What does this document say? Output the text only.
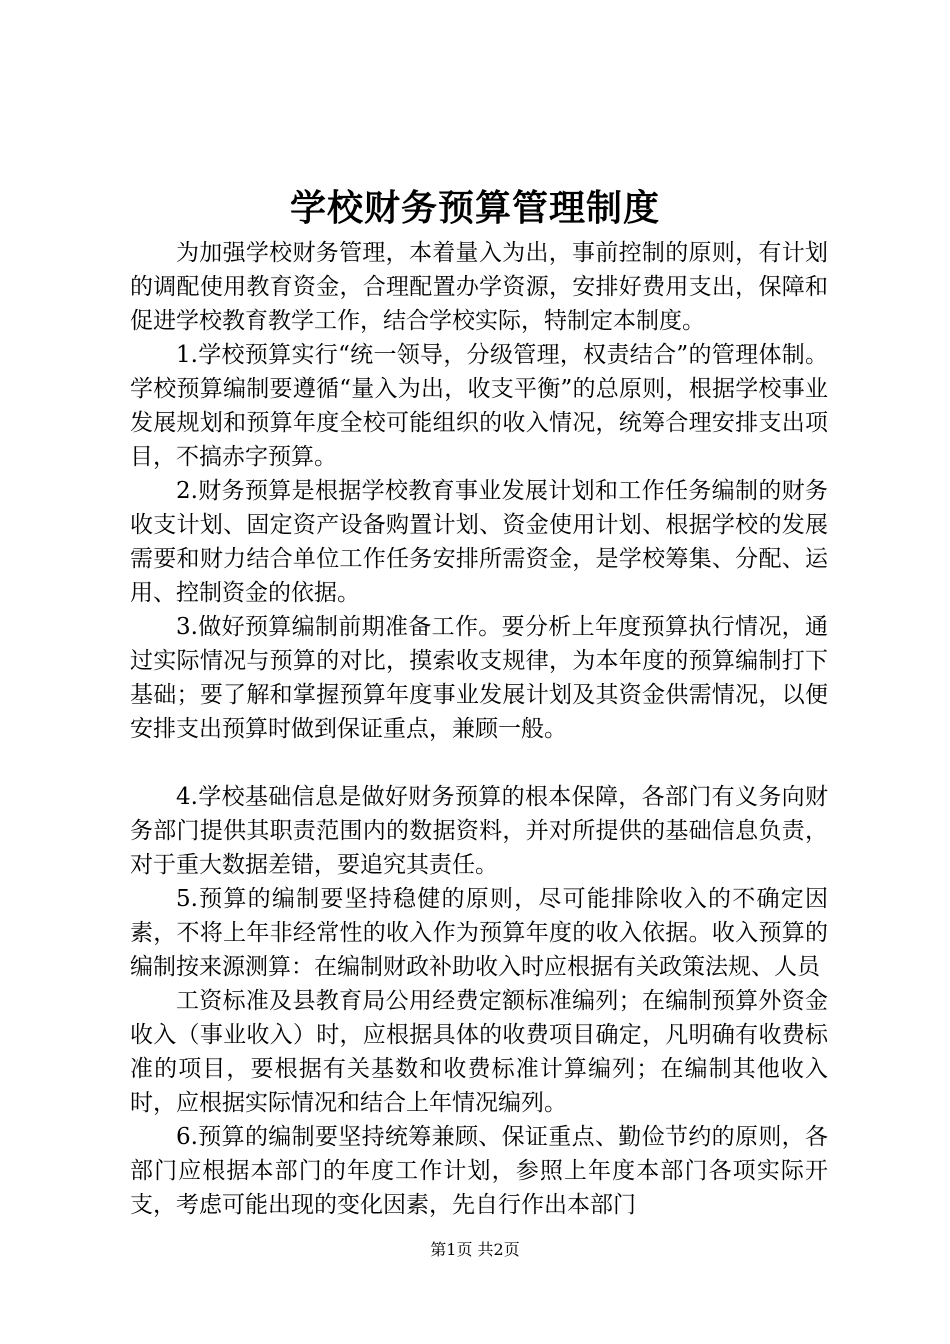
学校财务预算管理制度

为加强学校财务管理，本着量入为出，事前控制的原则，有计划的调配使用教育资金，合理配置办学资源，安排好费用支出，保障和促进学校教育教学工作，结合学校实际，特制定本制度。

1.学校预算实行“统一领导，分级管理，权责结合”的管理体制。学校预算编制要遵循“量入为出，收支平衡”的总原则，根据学校事业发展规划和预算年度全校可能组织的收入情况，统筹合理安排支出项目，不搞赤字预算。

2.财务预算是根据学校教育事业发展计划和工作任务编制的财务收支计划、固定资产设备购置计划、资金使用计划、根据学校的发展需要和财力结合单位工作任务安排所需资金，是学校筹集、分配、运用、控制资金的依据。

3.做好预算编制前期准备工作。要分析上年度预算执行情况，通过实际情况与预算的对比，摸索收支规律，为本年度的预算编制打下基础；要了解和掌握预算年度事业发展计划及其资金供需情况，以便安排支出预算时做到保证重点，兼顾一般。

4.学校基础信息是做好财务预算的根本保障，各部门有义务向财务部门提供其职责范围内的数据资料，并对所提供的基础信息负责，对于重大数据差错，要追究其责任。

5.预算的编制要坚持稳健的原则，尽可能排除收入的不确定因素，不将上年非经常性的收入作为预算年度的收入依据。收入预算的编制按来源测算：在编制财政补助收入时应根据有关政策法规、人员

工资标准及县教育局公用经费定额标准编列；在编制预算外资金收入（事业收入）时，应根据具体的收费项目确定，凡明确有收费标准的项目，要根据有关基数和收费标准计算编列；在编制其他收入时，应根据实际情况和结合上年情况编列。

6.预算的编制要坚持统筹兼顾、保证重点、勤俭节约的原则，各部门应根据本部门的年度工作计划，参照上年度本部门各项实际开支，考虑可能出现的变化因素，先自行作出本部门

第1页 共2页
